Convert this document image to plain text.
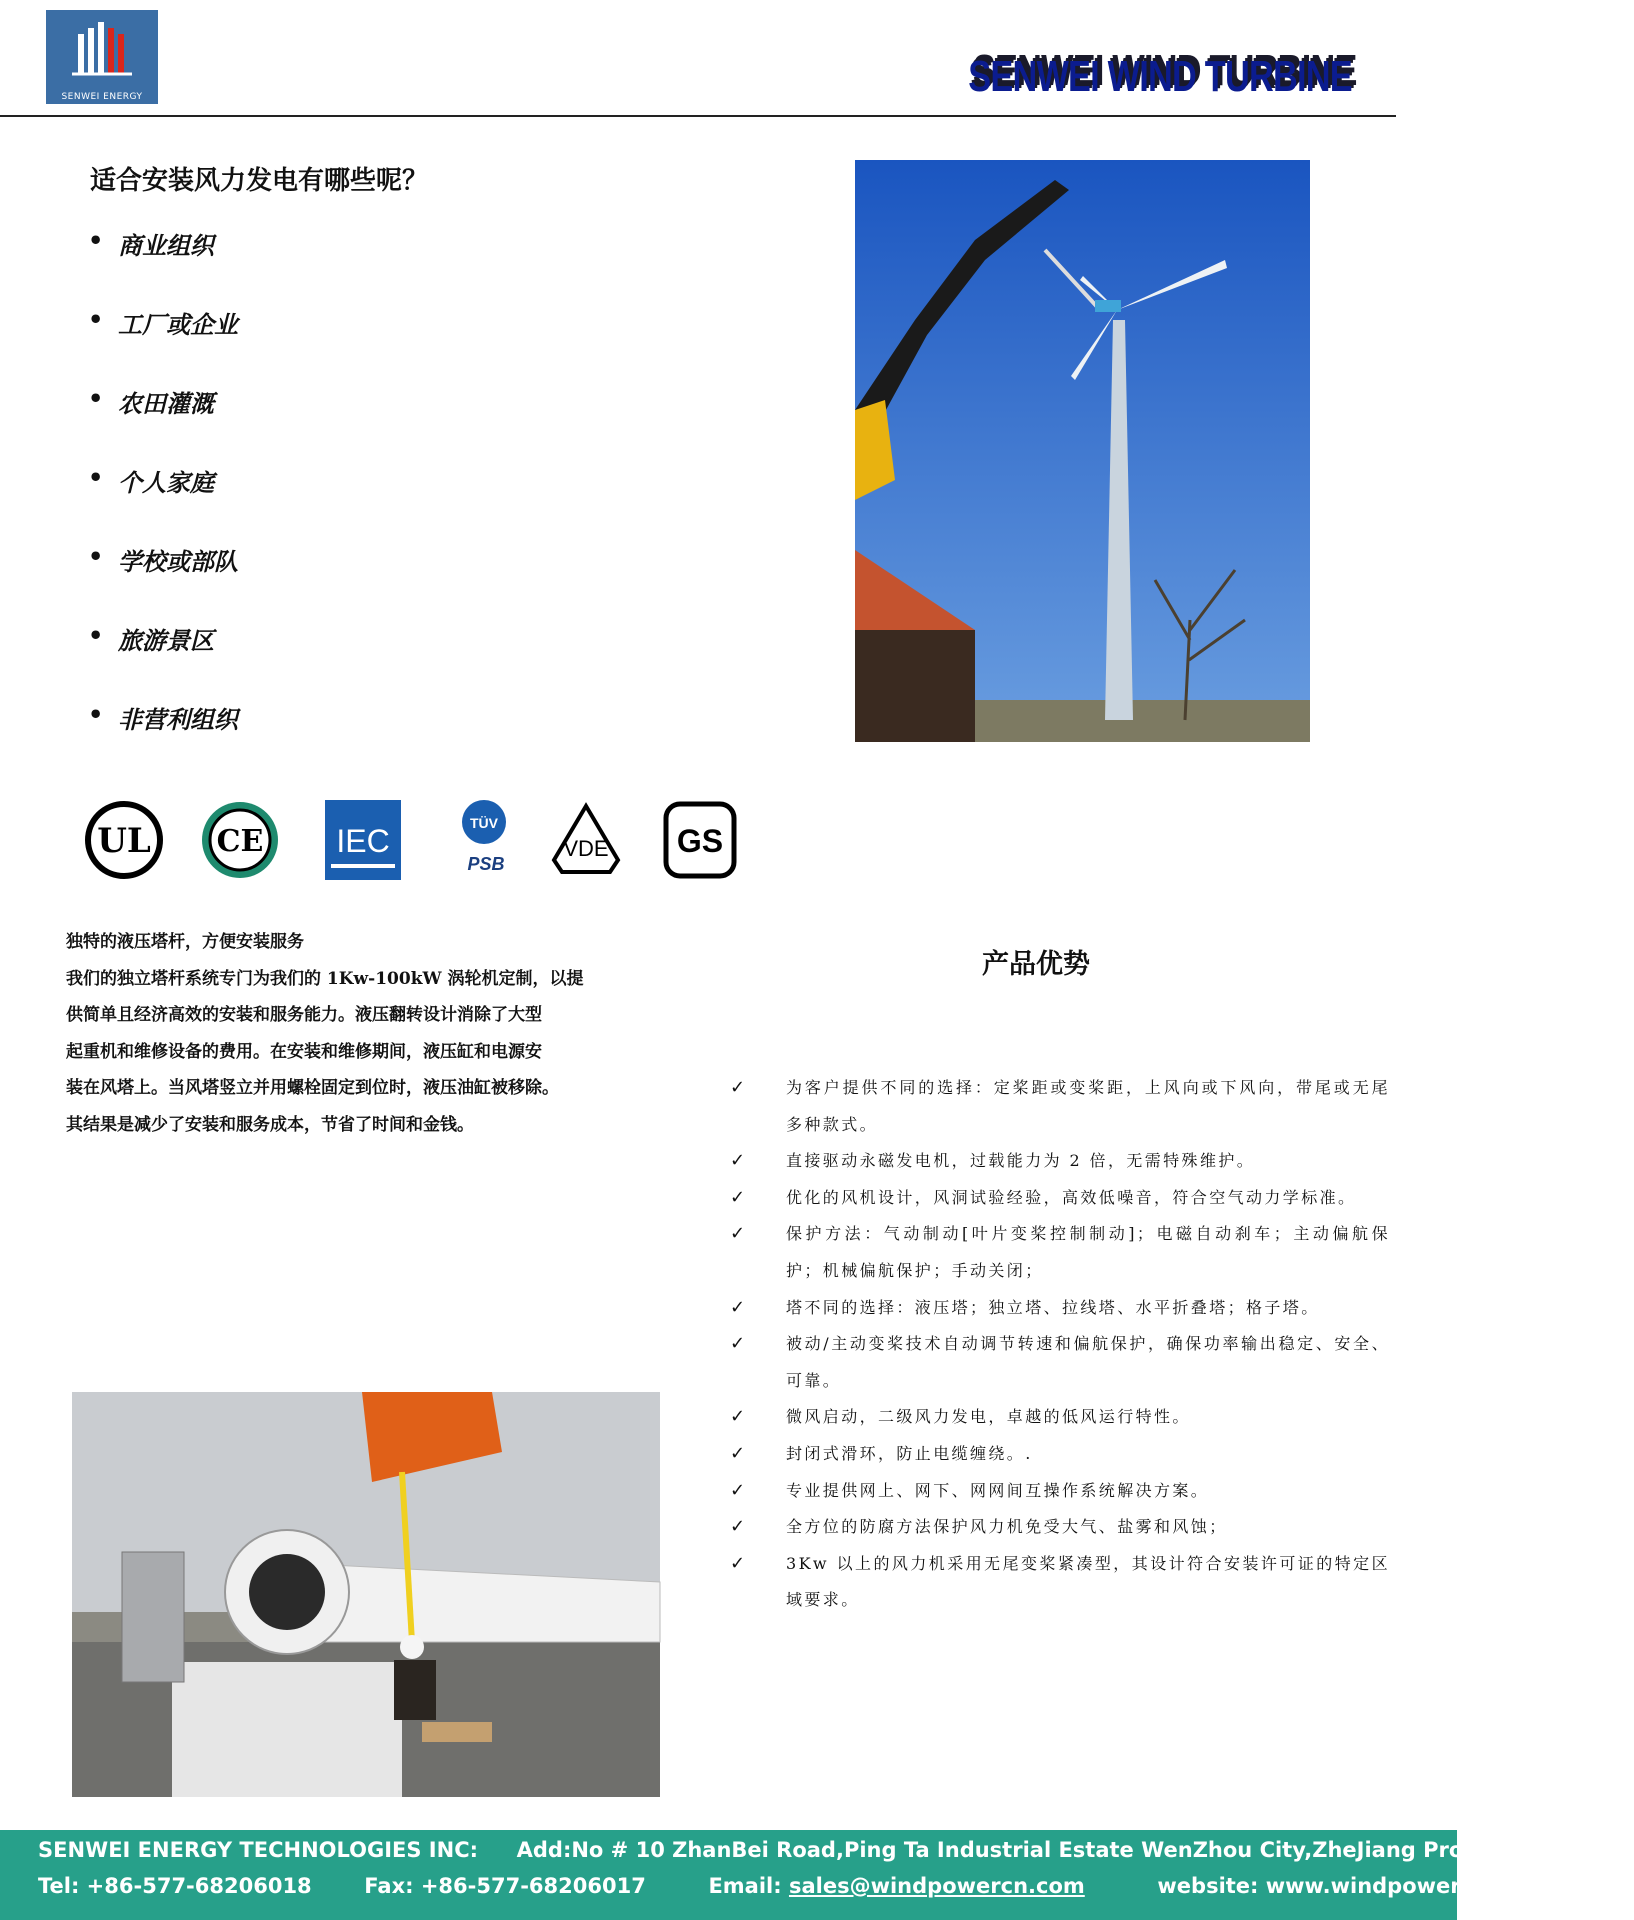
SENWEI ENERGY	SENWEI WIND TURBINE
适合安装风力发电有哪些呢？
• 商业组织
• 工厂或企业
• 农田灌溉
• 个人家庭
• 学校或部队
• 旅游景区
• 非营利组织
UL CE IEC	TÜV
PSB
VDE GS
独特的液压塔杆，方便安装服务
我们的独立塔杆系统专门为我们的 1Kw-100kW 涡轮机定制，以提
供简单且经济高效的安装和服务能力。液压翻转设计消除了大型
起重机和维修设备的费用。在安装和维修期间，液压缸和电源安
装在风塔上。当风塔竖立并用螺栓固定到位时，液压油缸被移除。
其结果是减少了安装和服务成本，节省了时间和金钱。
产品优势
✓	为客户提供不同的选择：定桨距或变桨距，上风向或下风向，带尾或无尾多种款式。
✓	直接驱动永磁发电机，过载能力为 2 倍，无需特殊维护。
✓	优化的风机设计，风洞试验经验，高效低噪音，符合空气动力学标准。
✓	保护方法：气动制动[叶片变桨控制制动]；电磁自动刹车；主动偏航保护；机械偏航保护；手动关闭；
✓	塔不同的选择：液压塔；独立塔、拉线塔、水平折叠塔；格子塔。
✓	被动/主动变桨技术自动调节转速和偏航保护，确保功率输出稳定、安全、可靠。
✓	微风启动，二级风力发电，卓越的低风运行特性。
✓	封闭式滑环，防止电缆缠绕。.
✓	专业提供网上、网下、网网间互操作系统解决方案。
✓	全方位的防腐方法保护风力机免受大气、盐雾和风蚀；
✓	3Kw 以上的风力机采用无尾变桨紧凑型，其设计符合安装许可证的特定区域要求。
SENWEI ENERGY TECHNOLOGIES INC: Add:No # 10 ZhanBei Road,Ping Ta Industrial Estate WenZhou City,ZheJiang Province Of China
Tel: +86-577-68206018	Fax: +86-577-68206017	Email: sales@windpowercn.com	website: www.windpowercn.com
